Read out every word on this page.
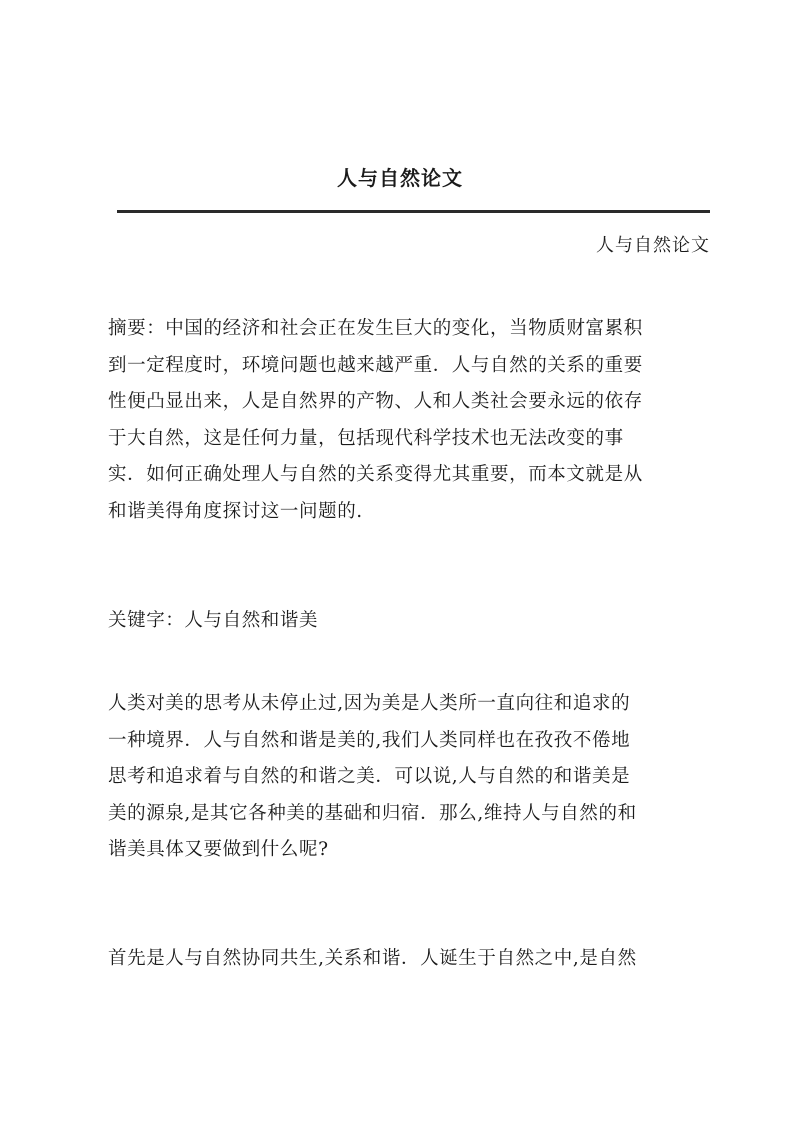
人与自然论文
人与自然论文

摘要：中国的经济和社会正在发生巨大的变化，当物质财富累积
到一定程度时，环境问题也越来越严重．人与自然的关系的重要
性便凸显出来，人是自然界的产物、人和人类社会要永远的依存
于大自然，这是任何力量，包括现代科学技术也无法改变的事
实．如何正确处理人与自然的关系变得尤其重要，而本文就是从
和谐美得角度探讨这一问题的.

关键字：人与自然和谐美

人类对美的思考从未停止过,因为美是人类所一直向往和追求的
一种境界．人与自然和谐是美的,我们人类同样也在孜孜不倦地
思考和追求着与自然的和谐之美．可以说,人与自然的和谐美是
美的源泉,是其它各种美的基础和归宿．那么,维持人与自然的和
谐美具体又要做到什么呢?

首先是人与自然协同共生,关系和谐．人诞生于自然之中,是自然
